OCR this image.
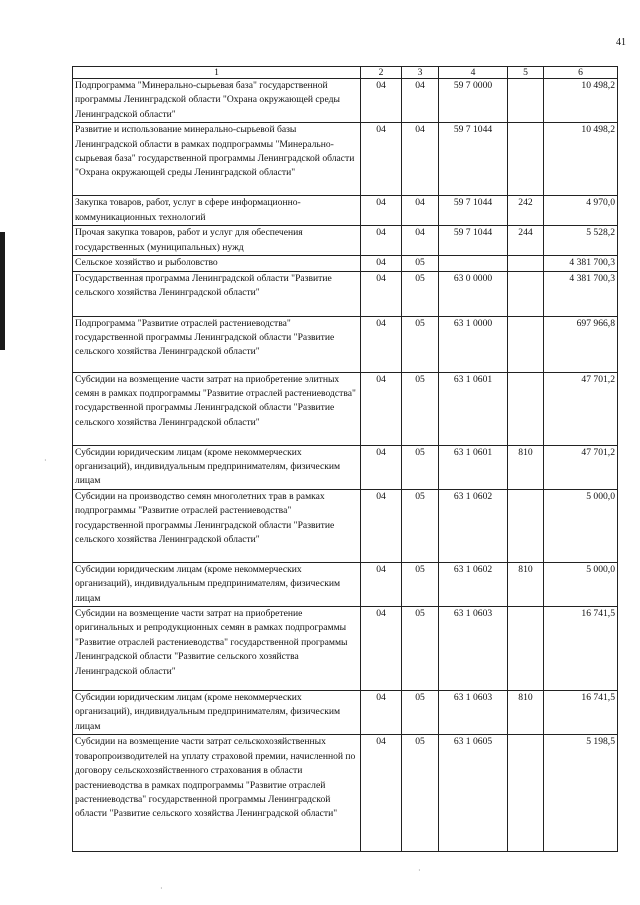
41
1	2	3	4	5	6
Подпрограмма "Минерально-сырьевая база" государственной программы Ленинградской области "Охрана окружающей среды Ленинградской области"	04	04	59 7 0000		10 498,2
Развитие и использование минерально-сырьевой базы Ленинградской области в рамках подпрограммы "Минерально-сырьевая база" государственной программы Ленинградской области "Охрана окружающей среды Ленинградской области"	04	04	59 7 1044		10 498,2
Закупка товаров, работ, услуг в сфере информационно-коммуникационных технологий	04	04	59 7 1044	242	4 970,0
Прочая закупка товаров, работ и услуг для обеспечения государственных (муниципальных) нужд	04	04	59 7 1044	244	5 528,2
Сельское хозяйство и рыболовство	04	05			4 381 700,3
Государственная программа Ленинградской области "Развитие сельского хозяйства Ленинградской области"	04	05	63 0 0000		4 381 700,3
Подпрограмма "Развитие отраслей растениеводства" государственной программы Ленинградской области "Развитие сельского хозяйства Ленинградской области"	04	05	63 1 0000		697 966,8
Субсидии на возмещение части затрат на приобретение элитных семян в рамках подпрограммы "Развитие отраслей растениеводства" государственной программы Ленинградской области "Развитие сельского хозяйства Ленинградской области"	04	05	63 1 0601		47 701,2
Субсидии юридическим лицам (кроме некоммерческих организаций), индивидуальным предпринимателям, физическим лицам	04	05	63 1 0601	810	47 701,2
Субсидии на производство семян многолетних трав в рамках подпрограммы "Развитие отраслей растениеводства" государственной программы Ленинградской области "Развитие сельского хозяйства Ленинградской области"	04	05	63 1 0602		5 000,0
Субсидии юридическим лицам (кроме некоммерческих организаций), индивидуальным предпринимателям, физическим лицам	04	05	63 1 0602	810	5 000,0
Субсидии на возмещение части затрат на приобретение оригинальных и репродукционных семян в рамках подпрограммы "Развитие отраслей растениеводства" государственной программы Ленинградской области "Развитие сельского хозяйства Ленинградской области"	04	05	63 1 0603		16 741,5
Субсидии юридическим лицам (кроме некоммерческих организаций), индивидуальным предпринимателям, физическим лицам	04	05	63 1 0603	810	16 741,5
Субсидии на возмещение части затрат сельскохозяйственных товаропроизводителей на уплату страховой премии, начисленной по договору сельскохозяйственного страхования в области растениеводства в рамках подпрограммы "Развитие отраслей растениеводства" государственной программы Ленинградской области "Развитие сельского хозяйства Ленинградской области"	04	05	63 1 0605		5 198,5
·
·
·
